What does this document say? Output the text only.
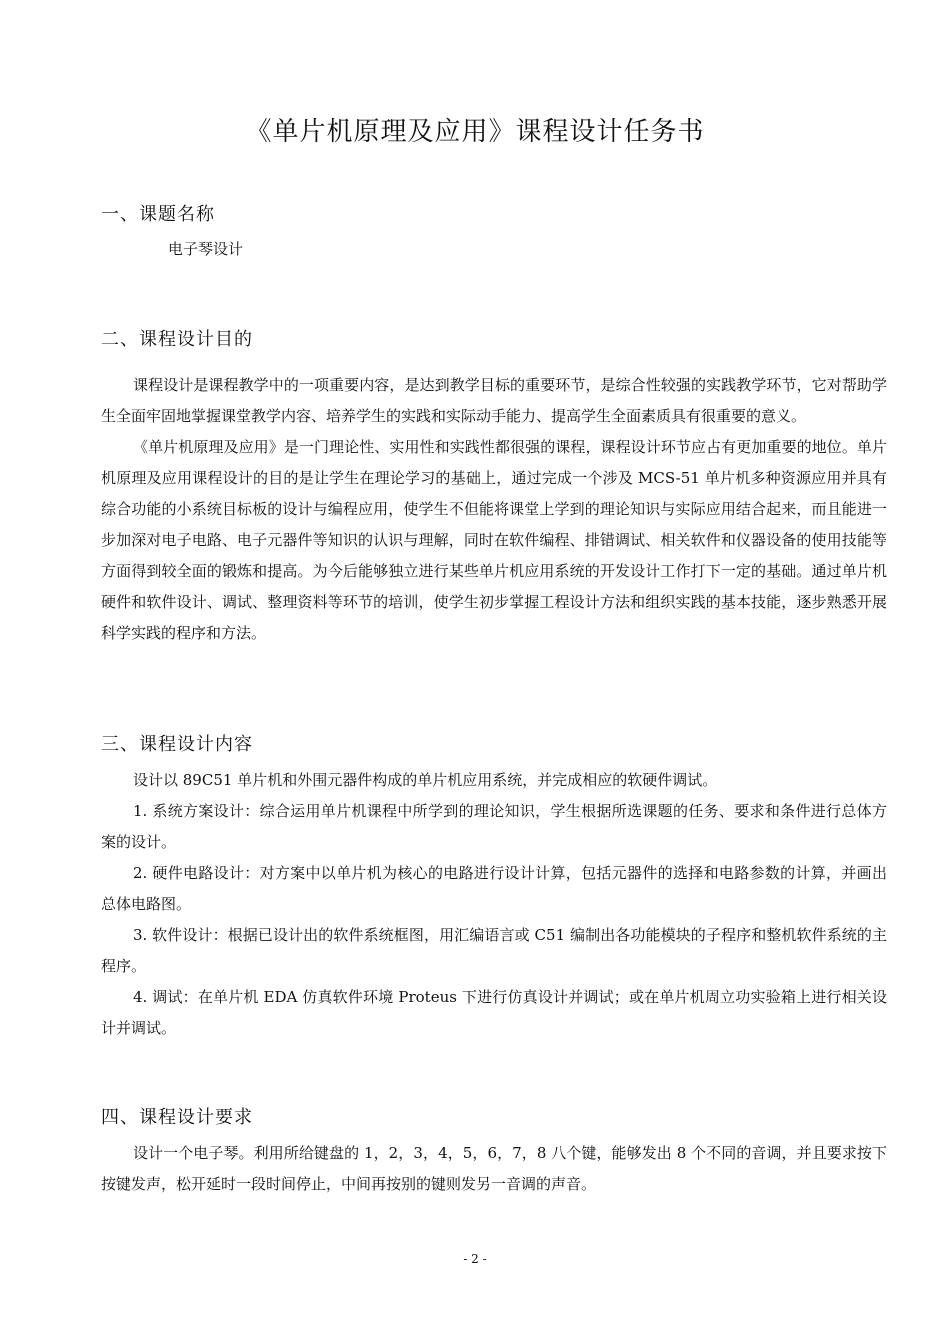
《单片机原理及应用》课程设计任务书
一、课题名称
电子琴设计
二、课程设计目的

课程设计是课程教学中的一项重要内容，是达到教学目标的重要环节，是综合性较强的实践教学环节，它对帮助学生全面牢固地掌握课堂教学内容、培养学生的实践和实际动手能力、提高学生全面素质具有很重要的意义。

《单片机原理及应用》是一门理论性、实用性和实践性都很强的课程，课程设计环节应占有更加重要的地位。单片机原理及应用课程设计的目的是让学生在理论学习的基础上，通过完成一个涉及 MCS-51 单片机多种资源应用并具有综合功能的小系统目标板的设计与编程应用，使学生不但能将课堂上学到的理论知识与实际应用结合起来，而且能进一步加深对电子电路、电子元器件等知识的认识与理解，同时在软件编程、排错调试、相关软件和仪器设备的使用技能等方面得到较全面的锻炼和提高。为今后能够独立进行某些单片机应用系统的开发设计工作打下一定的基础。通过单片机硬件和软件设计、调试、整理资料等环节的培训，使学生初步掌握工程设计方法和组织实践的基本技能，逐步熟悉开展科学实践的程序和方法。

三、课程设计内容

设计以 89C51 单片机和外围元器件构成的单片机应用系统，并完成相应的软硬件调试。

1. 系统方案设计：综合运用单片机课程中所学到的理论知识，学生根据所选课题的任务、要求和条件进行总体方案的设计。

2. 硬件电路设计：对方案中以单片机为核心的电路进行设计计算，包括元器件的选择和电路参数的计算，并画出总体电路图。

3. 软件设计：根据已设计出的软件系统框图，用汇编语言或 C51 编制出各功能模块的子程序和整机软件系统的主程序。

4. 调试：在单片机 EDA 仿真软件环境 Proteus 下进行仿真设计并调试；或在单片机周立功实验箱上进行相关设计并调试。

四、课程设计要求

设计一个电子琴。利用所给键盘的 1，2，3，4，5，6，7，8 八个键，能够发出 8 个不同的音调，并且要求按下按键发声，松开延时一段时间停止，中间再按别的键则发另一音调的声音。

- 2 -
